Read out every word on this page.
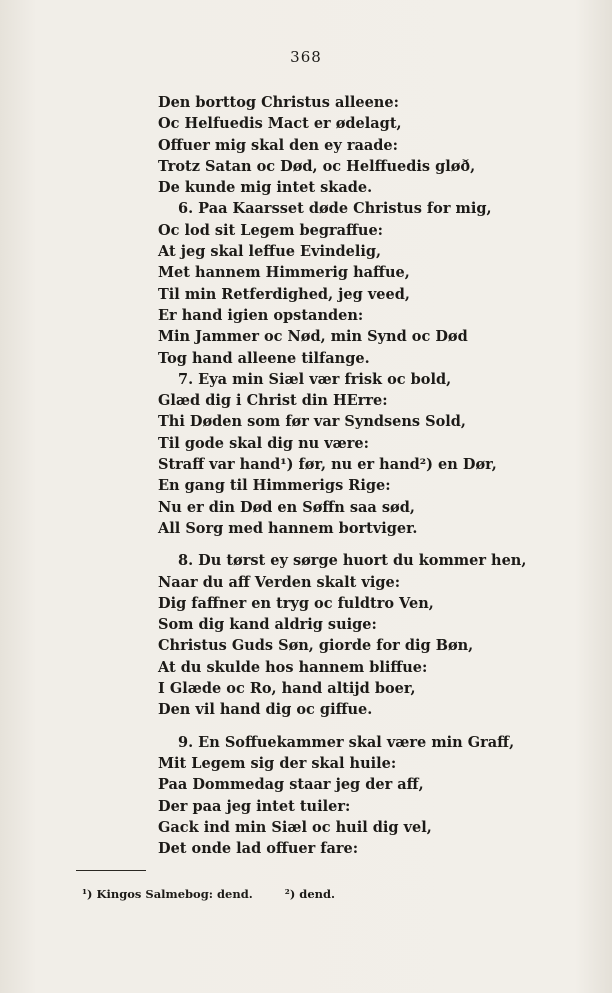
368
Den borttog Christus alleene:
Oc Helfuedis Mact er ødelagt,
Offuer mig skal den ey raade:
Trotz Satan oc Død, oc Helffuedis gløð,
De kunde mig intet skade.
6. Paa Kaarsset døde Christus for mig,
Oc lod sit Legem begraffue:
At jeg skal leffue Evindelig,
Met hannem Himmerig haffue,
Til min Retferdighed, jeg veed,
Er hand igien opstanden:
Min Jammer oc Nød, min Synd oc Død
Tog hand alleene tilfange.
7. Eya min Siæl vær frisk oc bold,
Glæd dig i Christ din HErre:
Thi Døden som før var Syndsens Sold,
Til gode skal dig nu være:
Straff var hand¹) før, nu er hand²) en Dør,
En gang til Himmerigs Rige:
Nu er din Død en Søffn saa sød,
All Sorg med hannem bortviger.
8. Du tørst ey sørge huort du kommer hen,
Naar du aff Verden skalt vige:
Dig faffner en tryg oc fuldtro Ven,
Som dig kand aldrig suige:
Christus Guds Søn, giorde for dig Bøn,
At du skulde hos hannem bliffue:
I Glæde oc Ro, hand altijd boer,
Den vil hand dig oc giffue.
9. En Soffuekammer skal være min Graff,
Mit Legem sig der skal huile:
Paa Dommedag staar jeg der aff,
Der paa jeg intet tuiler:
Gack ind min Siæl oc huil dig vel,
Det onde lad offuer fare:
¹) Kingos Salmebog: dend.	²) dend.
